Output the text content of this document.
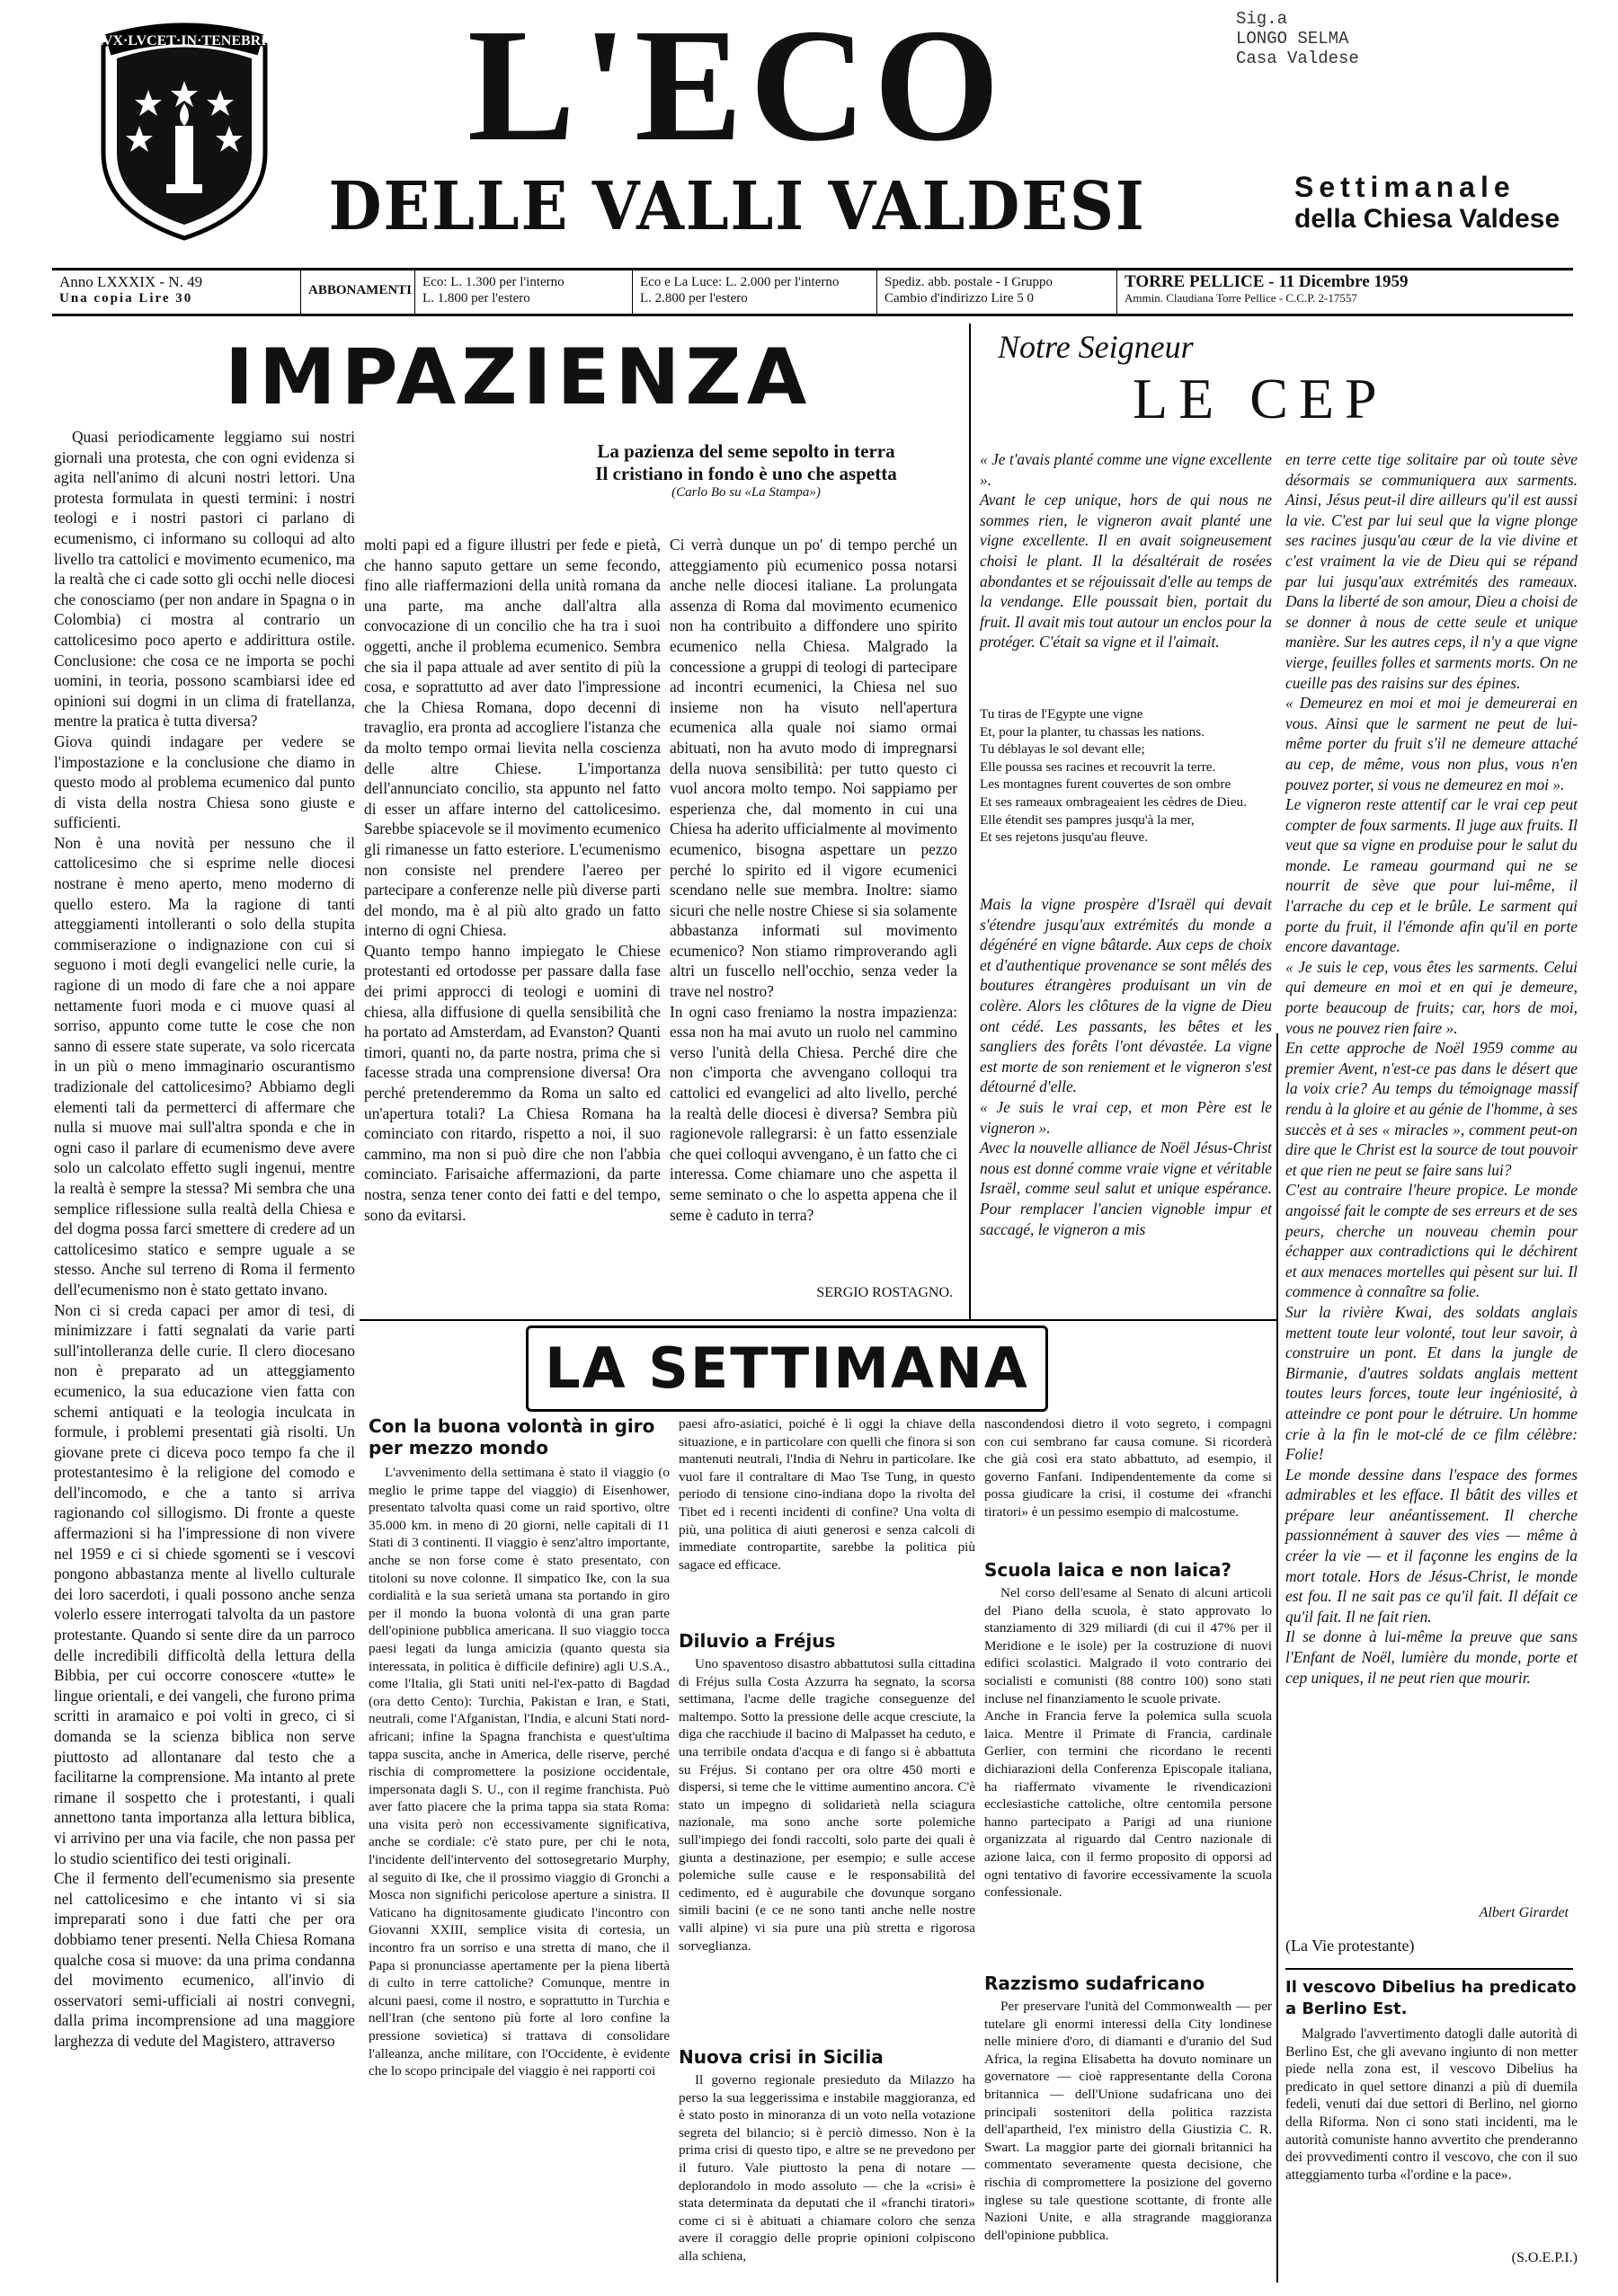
LVX·LVCET·IN·TENEBRIS	L'ECO
DELLE VALLI VALDESI
Sig.a
LONGO SELMA
Casa Valdese
Settimanale
della Chiesa Valdese
Anno LXXXIX - N. 49
Una copia Lire 30
ABBONAMENTI
Eco: L. 1.300 per l'interno
L. 1.800 per l'estero
Eco e La Luce: L. 2.000 per l'interno
L. 2.800 per l'estero
Spediz. abb. postale - I Gruppo
Cambio d'indirizzo Lire 5 0
TORRE PELLICE - 11 Dicembre 1959
Ammin. Claudiana Torre Pellice - C.C.P. 2-17557
IMPAZIENZA
La pazienza del seme sepolto in terra
Il cristiano in fondo è uno che aspetta
(Carlo Bo su «La Stampa»)
Quasi periodicamente leggiamo sui nostri giornali una protesta, che con ogni evidenza si agita nell'animo di alcuni nostri lettori. Una protesta formulata in questi termini: i nostri teologi e i nostri pastori ci parlano di ecumenismo, ci informano su colloqui ad alto livello tra cattolici e movimento ecumenico, ma la realtà che ci cade sotto gli occhi nelle diocesi che conosciamo (per non andare in Spagna o in Colombia) ci mostra al contrario un cattolicesimo poco aperto e addirittura ostile. Conclusione: che cosa ce ne importa se pochi uomini, in teoria, possono scambiarsi idee ed opinioni sui dogmi in un clima di fratellanza, mentre la pratica è tutta diversa?
Giova quindi indagare per vedere se l'impostazione e la conclusione che diamo in questo modo al problema ecumenico dal punto di vista della nostra Chiesa sono giuste e sufficienti.
Non è una novità per nessuno che il cattolicesimo che si esprime nelle diocesi nostrane è meno aperto, meno moderno di quello estero. Ma la ragione di tanti atteggiamenti intolleranti o solo della stupita commiserazione o indignazione con cui si seguono i moti degli evangelici nelle curie, la ragione di un modo di fare che a noi appare nettamente fuori moda e ci muove quasi al sorriso, appunto come tutte le cose che non sanno di essere state superate, va solo ricercata in un più o meno immaginario oscurantismo tradizionale del cattolicesimo? Abbiamo degli elementi tali da permetterci di affermare che nulla si muove mai sull'altra sponda e che in ogni caso il parlare di ecumenismo deve avere solo un calcolato effetto sugli ingenui, mentre la realtà è sempre la stessa? Mi sembra che una semplice riflessione sulla realtà della Chiesa e del dogma possa farci smettere di credere ad un cattolicesimo statico e sempre uguale a se stesso. Anche sul terreno di Roma il fermento dell'ecumenismo non è stato gettato invano.
Non ci si creda capaci per amor di tesi, di minimizzare i fatti segnalati da varie parti sull'intolleranza delle curie. Il clero diocesano non è preparato ad un atteggiamento ecumenico, la sua educazione vien fatta con schemi antiquati e la teologia inculcata in formule, i problemi presentati già risolti. Un giovane prete ci diceva poco tempo fa che il protestantesimo è la religione del comodo e dell'incomodo, e che a tanto si arriva ragionando col sillogismo. Di fronte a queste affermazioni si ha l'impressione di non vivere nel 1959 e ci si chiede sgomenti se i vescovi pongono abbastanza mente al livello culturale dei loro sacerdoti, i quali possono anche senza volerlo essere interrogati talvolta da un pastore protestante. Quando si sente dire da un parroco delle incredibili difficoltà della lettura della Bibbia, per cui occorre conoscere «tutte» le lingue orientali, e dei vangeli, che furono prima scritti in aramaico e poi volti in greco, ci si domanda se la scienza biblica non serve piuttosto ad allontanare dal testo che a facilitarne la comprensione. Ma intanto al prete rimane il sospetto che i protestanti, i quali annettono tanta importanza alla lettura biblica, vi arrivino per una via facile, che non passa per lo studio scientifico dei testi originali.
Che il fermento dell'ecumenismo sia presente nel cattolicesimo e che intanto vi si sia impreparati sono i due fatti che per ora dobbiamo tener presenti. Nella Chiesa Romana qualche cosa si muove: da una prima condanna del movimento ecumenico, all'invio di osservatori semi-ufficiali ai nostri convegni, dalla prima incomprensione ad una maggiore larghezza di vedute del Magistero, attraverso
molti papi ed a figure illustri per fede e pietà, che hanno saputo gettare un seme fecondo, fino alle riaffermazioni della unità romana da una parte, ma anche dall'altra alla convocazione di un concilio che ha tra i suoi oggetti, anche il problema ecumenico. Sembra che sia il papa attuale ad aver sentito di più la cosa, e soprattutto ad aver dato l'impressione che la Chiesa Romana, dopo decenni di travaglio, era pronta ad accogliere l'istanza che da molto tempo ormai lievita nella coscienza delle altre Chiese. L'importanza dell'annunciato concilio, sta appunto nel fatto di esser un affare interno del cattolicesimo. Sarebbe spiacevole se il movimento ecumenico gli rimanesse un fatto esteriore. L'ecumenismo non consiste nel prendere l'aereo per partecipare a conferenze nelle più diverse parti del mondo, ma è al più alto grado un fatto interno di ogni Chiesa.
Quanto tempo hanno impiegato le Chiese protestanti ed ortodosse per passare dalla fase dei primi approcci di teologi e uomini di chiesa, alla diffusione di quella sensibilità che ha portato ad Amsterdam, ad Evanston? Quanti timori, quanti no, da parte nostra, prima che si facesse strada una comprensione diversa! Ora perché pretenderemmo da Roma un salto ed un'apertura totali? La Chiesa Romana ha cominciato con ritardo, rispetto a noi, il suo cammino, ma non si può dire che non l'abbia cominciato. Farisaiche affermazioni, da parte nostra, senza tener conto dei fatti e del tempo, sono da evitarsi.
Ci verrà dunque un po' di tempo perché un atteggiamento più ecumenico possa notarsi anche nelle diocesi italiane. La prolungata assenza di Roma dal movimento ecumenico non ha contribuito a diffondere uno spirito ecumenico nella Chiesa. Malgrado la concessione a gruppi di teologi di partecipare ad incontri ecumenici, la Chiesa nel suo insieme non ha visuto nell'apertura ecumenica alla quale noi siamo ormai abituati, non ha avuto modo di impregnarsi della nuova sensibilità: per tutto questo ci vuol ancora molto tempo. Noi sappiamo per esperienza che, dal momento in cui una Chiesa ha aderito ufficialmente al movimento ecumenico, bisogna aspettare un pezzo perché lo spirito ed il vigore ecumenici scendano nelle sue membra. Inoltre: siamo sicuri che nelle nostre Chiese si sia solamente abbastanza informati sul movimento ecumenico? Non stiamo rimproverando agli altri un fuscello nell'occhio, senza veder la trave nel nostro?
In ogni caso freniamo la nostra impazienza: essa non ha mai avuto un ruolo nel cammino verso l'unità della Chiesa. Perché dire che non c'importa che avvengano colloqui tra cattolici ed evangelici ad alto livello, perché la realtà delle diocesi è diversa? Sembra più ragionevole rallegrarsi: è un fatto essenziale che quei colloqui avvengano, è un fatto che ci interessa. Come chiamare uno che aspetta il seme seminato o che lo aspetta appena che il seme è caduto in terra?
SERGIO ROSTAGNO.
Notre Seigneur
LE CEP
« Je t'avais planté comme une vigne excellente ».
Avant le cep unique, hors de qui nous ne sommes rien, le vigneron avait planté une vigne excellente. Il en avait soigneusement choisi le plant. Il la désaltérait de rosées abondantes et se réjouissait d'elle au temps de la vendange. Elle poussait bien, portait du fruit. Il avait mis tout autour un enclos pour la protéger. C'était sa vigne et il l'aimait.
Tu tiras de l'Egypte une vigne
Et, pour la planter, tu chassas les nations.
Tu déblayas le sol devant elle;
Elle poussa ses racines et recouvrit la terre.
Les montagnes furent couvertes de son ombre
Et ses rameaux ombrageaient les cèdres de Dieu.
Elle étendit ses pampres jusqu'à la mer,
Et ses rejetons jusqu'au fleuve.
Mais la vigne prospère d'Israël qui devait s'étendre jusqu'aux extrémités du monde a dégénéré en vigne bâtarde. Aux ceps de choix et d'authentique provenance se sont mêlés des boutures étrangères produisant un vin de colère. Alors les clôtures de la vigne de Dieu ont cédé. Les passants, les bêtes et les sangliers des forêts l'ont dévastée. La vigne est morte de son reniement et le vigneron s'est détourné d'elle.
« Je suis le vrai cep, et mon Père est le vigneron ».
Avec la nouvelle alliance de Noël Jésus-Christ nous est donné comme vraie vigne et véritable Israël, comme seul salut et unique espérance. Pour remplacer l'ancien vignoble impur et saccagé, le vigneron a mis
en terre cette tige solitaire par où toute sève désormais se communiquera aux sarments. Ainsi, Jésus peut-il dire ailleurs qu'il est aussi la vie. C'est par lui seul que la vigne plonge ses racines jusqu'au cœur de la vie divine et c'est vraiment la vie de Dieu qui se répand par lui jusqu'aux extrémités des rameaux. Dans la liberté de son amour, Dieu a choisi de se donner à nous de cette seule et unique manière. Sur les autres ceps, il n'y a que vigne vierge, feuilles folles et sarments morts. On ne cueille pas des raisins sur des épines.
« Demeurez en moi et moi je demeurerai en vous. Ainsi que le sarment ne peut de lui-même porter du fruit s'il ne demeure attaché au cep, de même, vous non plus, vous n'en pouvez porter, si vous ne demeurez en moi ».
Le vigneron reste attentif car le vrai cep peut compter de foux sarments. Il juge aux fruits. Il veut que sa vigne en produise pour le salut du monde. Le rameau gourmand qui ne se nourrit de sève que pour lui-même, il l'arrache du cep et le brûle. Le sarment qui porte du fruit, il l'émonde afin qu'il en porte encore davantage.
« Je suis le cep, vous êtes les sarments. Celui qui demeure en moi et en qui je demeure, porte beaucoup de fruits; car, hors de moi, vous ne pouvez rien faire ».
En cette approche de Noël 1959 comme au premier Avent, n'est-ce pas dans le désert que la voix crie? Au temps du témoignage massif rendu à la gloire et au génie de l'homme, à ses succès et à ses « miracles », comment peut-on dire que le Christ est la source de tout pouvoir et que rien ne peut se faire sans lui?
C'est au contraire l'heure propice. Le monde angoissé fait le compte de ses erreurs et de ses peurs, cherche un nouveau chemin pour échapper aux contradictions qui le déchirent et aux menaces mortelles qui pèsent sur lui. Il commence à connaître sa folie.
Sur la rivière Kwai, des soldats anglais mettent toute leur volonté, tout leur savoir, à construire un pont. Et dans la jungle de Birmanie, d'autres soldats anglais mettent toutes leurs forces, toute leur ingéniosité, à atteindre ce pont pour le détruire. Un homme crie à la fin le mot-clé de ce film célèbre: Folie!
Le monde dessine dans l'espace des formes admirables et les efface. Il bâtit des villes et prépare leur anéantissement. Il cherche passionnément à sauver des vies — même à créer la vie — et il façonne les engins de la mort totale. Hors de Jésus-Christ, le monde est fou. Il ne sait pas ce qu'il fait. Il défait ce qu'il fait. Il ne fait rien.
Il se donne à lui-même la preuve que sans l'Enfant de Noël, lumière du monde, porte et cep uniques, il ne peut rien que mourir.
Albert Girardet
(La Vie protestante)
LA SETTIMANA
Con la buona volontà in giro per mezzo mondo
L'avvenimento della settimana è stato il viaggio (o meglio le prime tappe del viaggio) di Eisenhower, presentato talvolta quasi come un raid sportivo, oltre 35.000 km. in meno di 20 giorni, nelle capitali di 11 Stati di 3 continenti. Il viaggio è senz'altro importante, anche se non forse come è stato presentato, con titoloni su nove colonne. Il simpatico Ike, con la sua cordialità e la sua serietà umana sta portando in giro per il mondo la buona volontà di una gran parte dell'opinione pubblica americana. Il suo viaggio tocca paesi legati da lunga amicizia (quanto questa sia interessata, in politica è difficile definire) agli U.S.A., come l'Italia, gli Stati uniti nel-l'ex-patto di Bagdad (ora detto Cento): Turchia, Pakistan e Iran, e Stati, neutrali, come l'Afganistan, l'India, e alcuni Stati nord-africani; infine la Spagna franchista e quest'ultima tappa suscita, anche in America, delle riserve, perché rischia di compromettere la posizione occidentale, impersonata dagli S. U., con il regime franchista. Può aver fatto piacere che la prima tappa sia stata Roma: una visita però non eccessivamente significativa, anche se cordiale: c'è stato pure, per chi le nota, l'incidente dell'intervento del sottosegretario Murphy, al seguito di Ike, che il prossimo viaggio di Gronchi a Mosca non significhi pericolose aperture a sinistra. Il Vaticano ha dignitosamente giudicato l'incontro con Giovanni XXIII, semplice visita di cortesia, un incontro fra un sorriso e una stretta di mano, che il Papa si pronunciasse apertamente per la piena libertà di culto in terre cattoliche? Comunque, mentre in alcuni paesi, come il nostro, e soprattutto in Turchia e nell'Iran (che sentono più forte al loro confine la pressione sovietica) si trattava di consolidare l'alleanza, anche militare, con l'Occidente, è evidente che lo scopo principale del viaggio è nei rapporti coi
paesi afro-asiatici, poiché è lì oggi la chiave della situazione, e in particolare con quelli che finora si son mantenuti neutrali, l'India di Nehru in particolare. Ike vuol fare il contraltare di Mao Tse Tung, in questo periodo di tensione cino-indiana dopo la rivolta del Tibet ed i recenti incidenti di confine? Una volta di più, una politica di aiuti generosi e senza calcoli di immediate contropartite, sarebbe la politica più sagace ed efficace.
Diluvio a Fréjus
Uno spaventoso disastro abbattutosi sulla cittadina di Fréjus sulla Costa Azzurra ha segnato, la scorsa settimana, l'acme delle tragiche conseguenze del maltempo. Sotto la pressione delle acque cresciute, la diga che racchiude il bacino di Malpasset ha ceduto, e una terribile ondata d'acqua e di fango si è abbattuta su Fréjus. Si contano per ora oltre 450 morti e dispersi, si teme che le vittime aumentino ancora. C'è stato un impegno di solidarietà nella sciagura nazionale, ma sono anche sorte polemiche sull'impiego dei fondi raccolti, solo parte dei quali è giunta a destinazione, per esempio; e sulle accese polemiche sulle cause e le responsabilità del cedimento, ed è augurabile che dovunque sorgano simili bacini (e ce ne sono tanti anche nelle nostre valli alpine) vi sia pure una più stretta e rigorosa sorveglianza.
Nuova crisi in Sicilia
Il governo regionale presieduto da Milazzo ha perso la sua leggerissima e instabile maggioranza, ed è stato posto in minoranza di un voto nella votazione segreta del bilancio; si è perciò dimesso. Non è la prima crisi di questo tipo, e altre se ne prevedono per il futuro. Vale piuttosto la pena di notare — deplorandolo in modo assoluto — che la «crisi» è stata determinata da deputati che il «franchi tiratori» come ci si è abituati a chiamare coloro che senza avere il coraggio delle proprie opinioni colpiscono alla schiena,
nascondendosi dietro il voto segreto, i compagni con cui sembrano far causa comune. Si ricorderà che già così era stato abbattuto, ad esempio, il governo Fanfani. Indipendentemente da come si possa giudicare la crisi, il costume dei «franchi tiratori» è un pessimo esempio di malcostume.
Scuola laica e non laica?
Nel corso dell'esame al Senato di alcuni articoli del Piano della scuola, è stato approvato lo stanziamento di 329 miliardi (di cui il 47% per il Meridione e le isole) per la costruzione di nuovi edifici scolastici. Malgrado il voto contrario dei socialisti e comunisti (88 contro 100) sono stati incluse nel finanziamento le scuole private.
Anche in Francia ferve la polemica sulla scuola laica. Mentre il Primate di Francia, cardinale Gerlier, con termini che ricordano le recenti dichiarazioni della Conferenza Episcopale italiana, ha riaffermato vivamente le rivendicazioni ecclesiastiche cattoliche, oltre centomila persone hanno partecipato a Parigi ad una riunione organizzata al riguardo dal Centro nazionale di azione laica, con il fermo proposito di opporsi ad ogni tentativo di favorire eccessivamente la scuola confessionale.
Razzismo sudafricano
Per preservare l'unità del Commonwealth — per tutelare gli enormi interessi della City londinese nelle miniere d'oro, di diamanti e d'uranio del Sud Africa, la regina Elisabetta ha dovuto nominare un governatore — cioè rappresentante della Corona britannica — dell'Unione sudafricana uno dei principali sostenitori della politica razzista dell'apartheid, l'ex ministro della Giustizia C. R. Swart. La maggior parte dei giornali britannici ha commentato severamente questa decisione, che rischia di compromettere la posizione del governo inglese su tale questione scottante, di fronte alle Nazioni Unite, e alla stragrande maggioranza dell'opinione pubblica.
Il vescovo Dibelius ha predicato a Berlino Est.
Malgrado l'avvertimento datogli dalle autorità di Berlino Est, che gli avevano ingiunto di non metter piede nella zona est, il vescovo Dibelius ha predicato in quel settore dinanzi a più di duemila fedeli, venuti dai due settori di Berlino, nel giorno della Riforma. Non ci sono stati incidenti, ma le autorità comuniste hanno avvertito che prenderanno dei provvedimenti contro il vescovo, che con il suo atteggiamento turba «l'ordine e la pace».
(S.O.E.P.I.)
